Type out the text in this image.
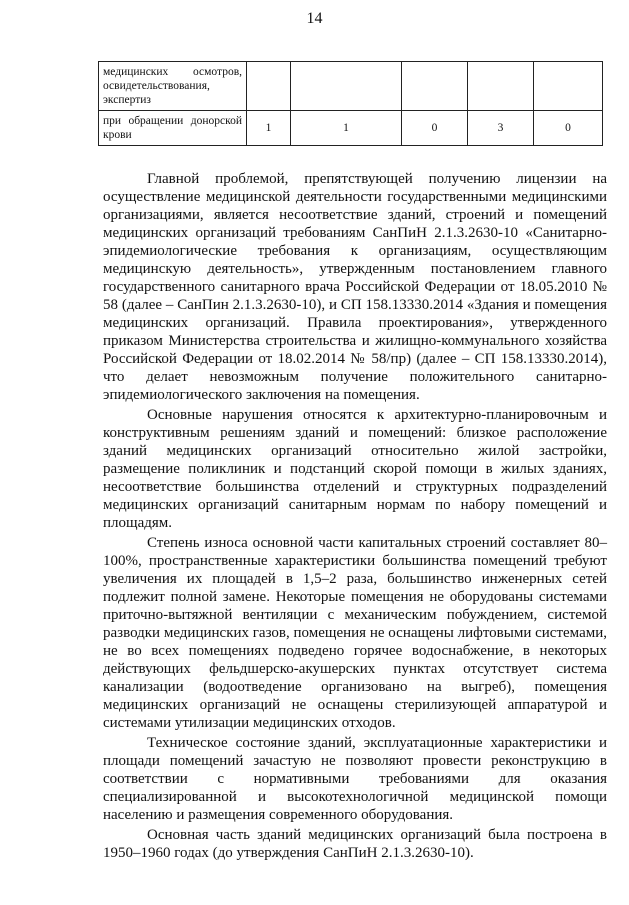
14
медицинских осмотров, освидетельствования, экспертиз					
при обращении донорской крови	1	1	0	3	0

Главной проблемой, препятствующей получению лицензии на осуществление медицинской деятельности государственными медицинскими организациями, является несоответствие зданий, строений и помещений медицинских организаций требованиям СанПиН 2.1.3.2630-10 «Санитарно-эпидемиологические требования к организациям, осуществляющим медицинскую деятельность», утвержденным постановлением главного государственного санитарного врача Российской Федерации от 18.05.2010 № 58 (далее – СанПин 2.1.3.2630-10), и СП 158.13330.2014 «Здания и помещения медицинских организаций. Правила проектирования», утвержденного приказом Министерства строительства и жилищно-коммунального хозяйства Российской Федерации от 18.02.2014 № 58/пр) (далее – СП 158.13330.2014), что делает невозможным получение положительного санитарно-эпидемиологического заключения на помещения.

Основные нарушения относятся к архитектурно-планировочным и конструктивным решениям зданий и помещений: близкое расположение зданий медицинских организаций относительно жилой застройки, размещение поликлиник и подстанций скорой помощи в жилых зданиях, несоответствие большинства отделений и структурных подразделений медицинских организаций санитарным нормам по набору помещений и площадям.

Степень износа основной части капитальных строений составляет 80–100%, пространственные характеристики большинства помещений требуют увеличения их площадей в 1,5–2 раза, большинство инженерных сетей подлежит полной замене. Некоторые помещения не оборудованы системами приточно-вытяжной вентиляции с механическим побуждением, системой разводки медицинских газов, помещения не оснащены лифтовыми системами, не во всех помещениях подведено горячее водоснабжение, в некоторых действующих фельдшерско-акушерских пунктах отсутствует система канализации (водоотведение организовано на выгреб), помещения медицинских организаций не оснащены стерилизующей аппаратурой и системами утилизации медицинских отходов.

Техническое состояние зданий, эксплуатационные характеристики и площади помещений зачастую не позволяют провести реконструкцию в соответствии с нормативными требованиями для оказания специализированной и высокотехнологичной медицинской помощи населению и размещения современного оборудования.

Основная часть зданий медицинских организаций была построена в 1950–1960 годах (до утверждения СанПиН 2.1.3.2630-10).
